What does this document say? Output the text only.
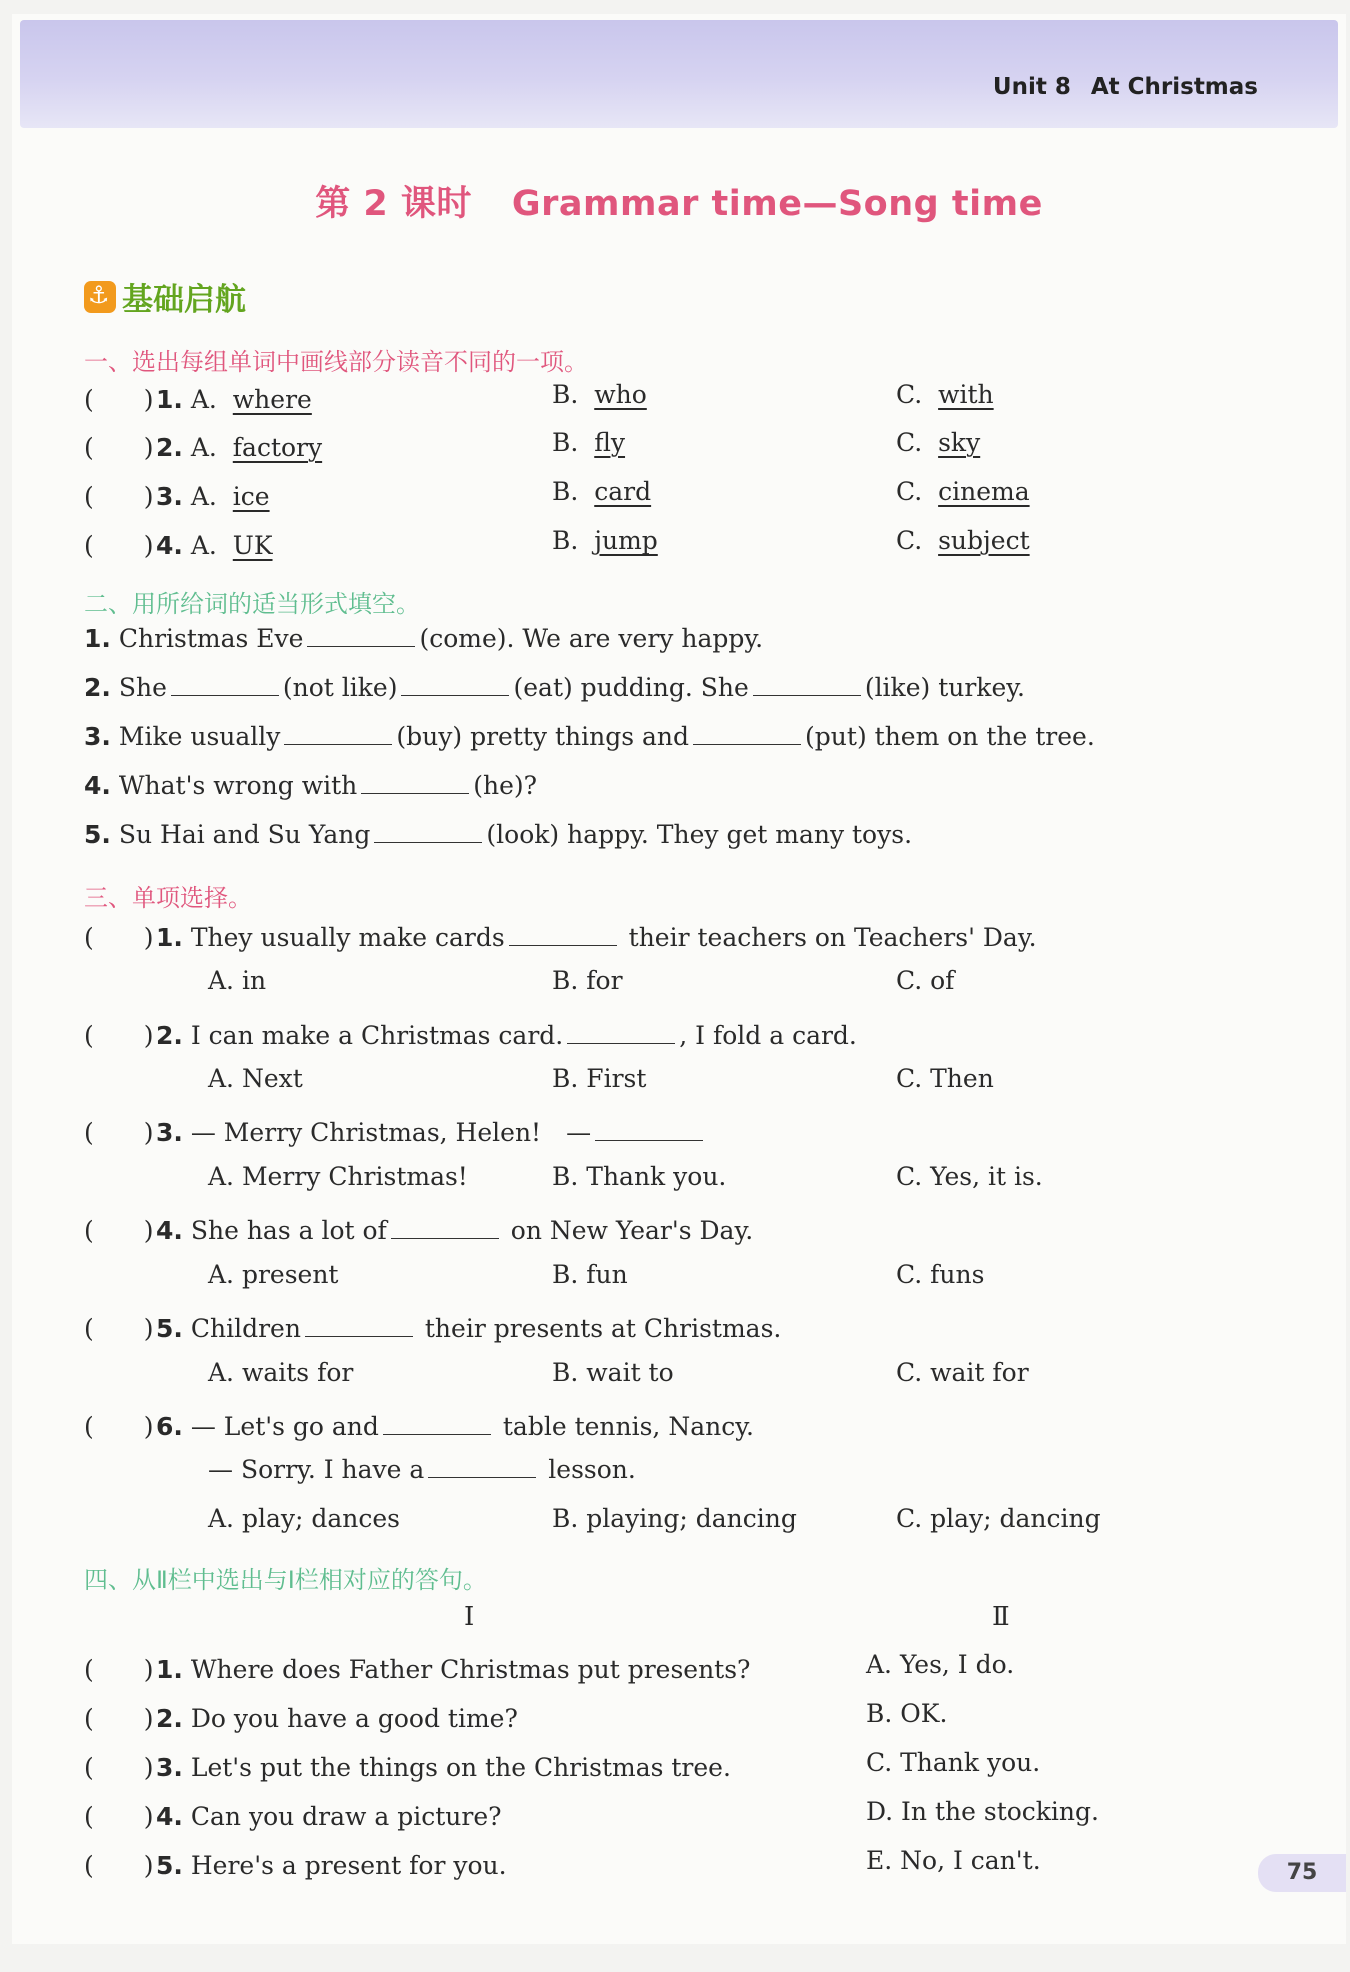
Unit 8 At Christmas
第 2 课时 Grammar time—Song time
⚓
基础启航
一、选出每组单词中画线部分读音不同的一项。
(　　)1. A. where	B. who	C. with
(　　)2. A. factory	B. fly	C. sky
(　　)3. A. ice	B. card	C. cinema
(　　)4. A. UK	B. jump	C. subject
二、用所给词的适当形式填空。
1. Christmas Eve	(come). We are very happy.
2. She	(not like)	(eat) pudding. She	(like) turkey.
3. Mike usually	(buy) pretty things and	(put) them on the tree.
4. What's wrong with	(he)?
5. Su Hai and Su Yang	(look) happy. They get many toys.
三、单项选择。
(　　)1. They usually make cards	their teachers on Teachers' Day.
A. in	B. for	C. of
(　　)2. I can make a Christmas card.	, I fold a card.
A. Next	B. First	C. Then
(　　)3. — Merry Christmas, Helen!　—
A. Merry Christmas!	B. Thank you.	C. Yes, it is.
(　　)4. She has a lot of	on New Year's Day.
A. present	B. fun	C. funs
(　　)5. Children	their presents at Christmas.
A. waits for	B. wait to	C. wait for
(　　)6. — Let's go and	table tennis, Nancy.
— Sorry. I have a	lesson.
A. play; dances	B. playing; dancing	C. play; dancing
四、从Ⅱ栏中选出与Ⅰ栏相对应的答句。
Ⅰ	Ⅱ
(　　)1. Where does Father Christmas put presents?	A. Yes, I do.
(　　)2. Do you have a good time?	B. OK.
(　　)3. Let's put the things on the Christmas tree.	C. Thank you.
(　　)4. Can you draw a picture?	D. In the stocking.
(　　)5. Here's a present for you.	E. No, I can't.	75
